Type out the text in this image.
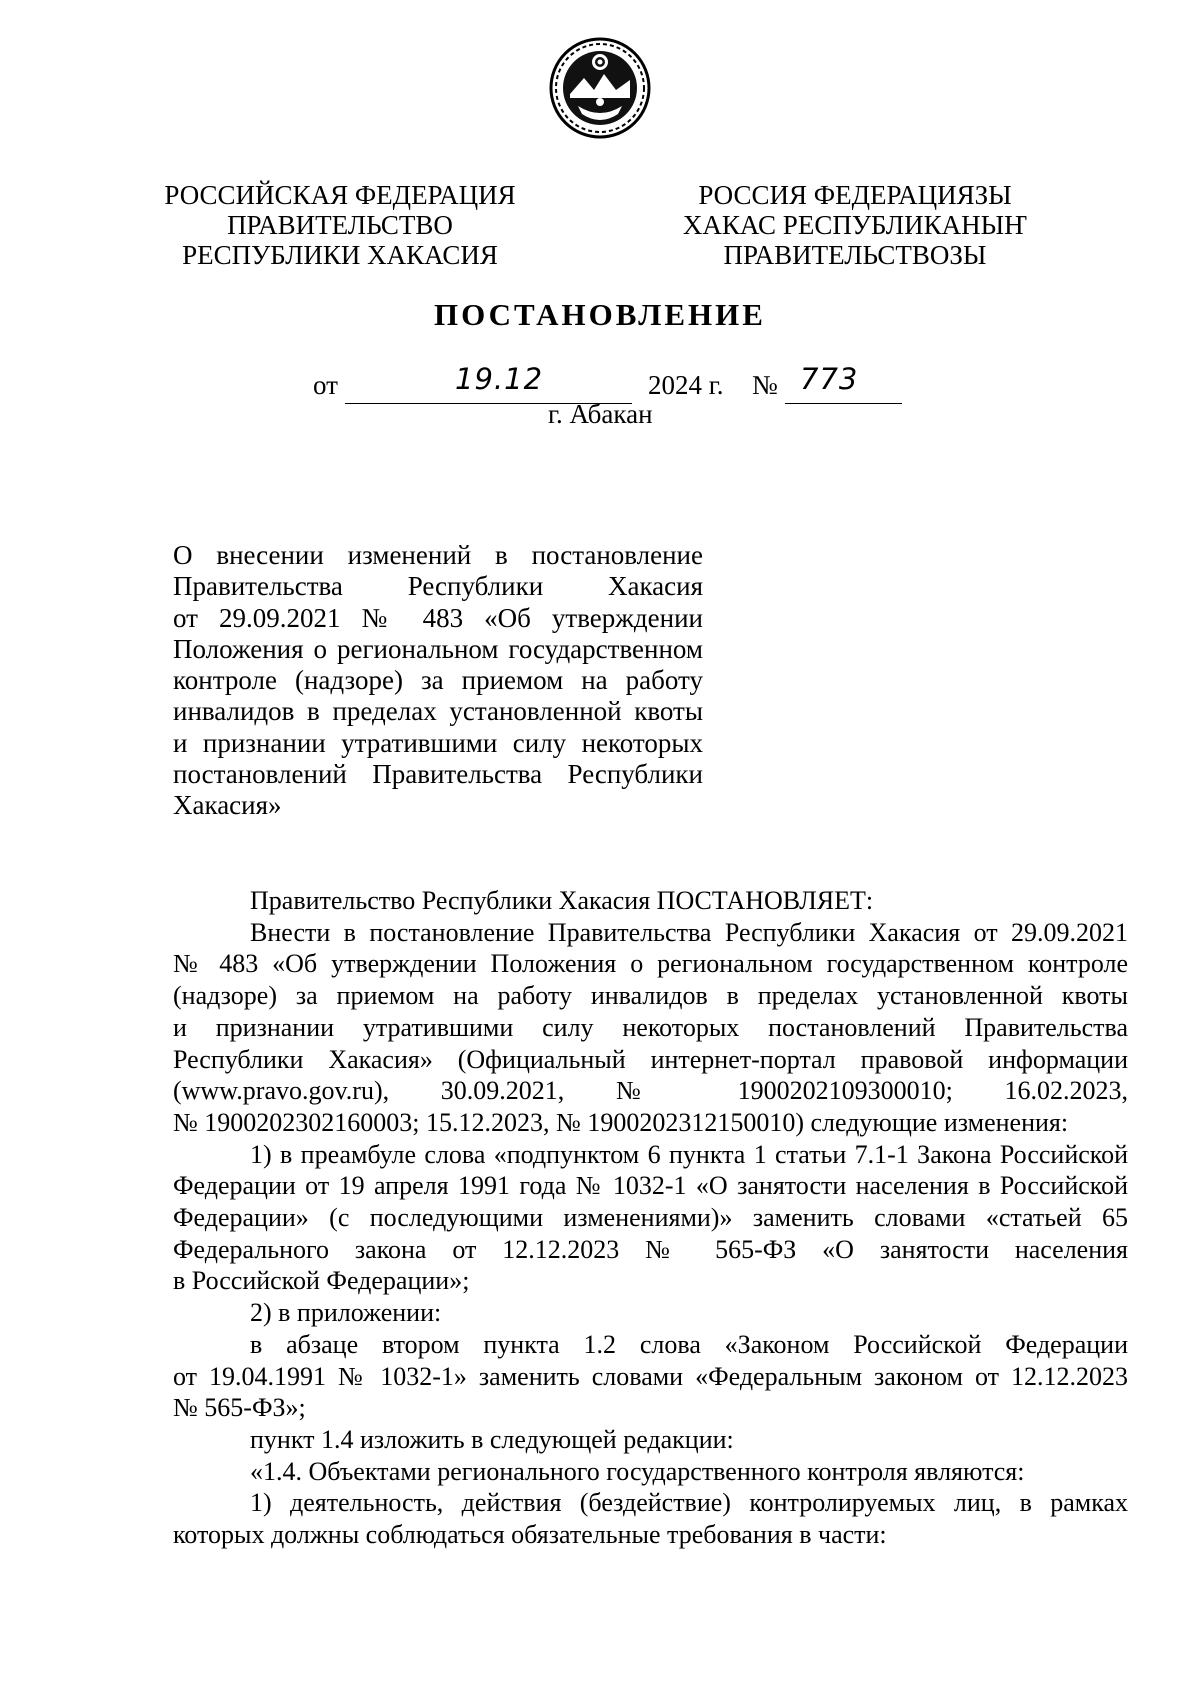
РОССИЙСКАЯ ФЕДЕРАЦИЯ
ПРАВИТЕЛЬСТВО
РЕСПУБЛИКИ ХАКАСИЯ
РОССИЯ ФЕДЕРАЦИЯЗЫ
ХАКАС РЕСПУБЛИКАНЫҤ
ПРАВИТЕЛЬСТВОЗЫ
ПОСТАНОВЛЕНИЕ
от	19.12	2024 г. № 773
г. Абакан
О внесении изменений в постановление
Правительства Республики Хакасия
от 29.09.2021 № 483 «Об утверждении
Положения о региональном государственном
контроле (надзоре) за приемом на работу
инвалидов в пределах установленной квоты
и признании утратившими силу некоторых
постановлений Правительства Республики
Хакасия»
Правительство Республики Хакасия ПОСТАНОВЛЯЕТ:
Внести в постановление Правительства Республики Хакасия от 29.09.2021
№ 483 «Об утверждении Положения о региональном государственном контроле
(надзоре) за приемом на работу инвалидов в пределах установленной квоты
и признании утратившими силу некоторых постановлений Правительства
Республики Хакасия» (Официальный интернет-портал правовой информации
(www.pravo.gov.ru), 30.09.2021, № 1900202109300010; 16.02.2023,
№ 1900202302160003; 15.12.2023, № 1900202312150010) следующие изменения:
1) в преамбуле слова «подпунктом 6 пункта 1 статьи 7.1-1 Закона Российской
Федерации от 19 апреля 1991 года № 1032-1 «О занятости населения в Российской
Федерации» (с последующими изменениями)» заменить словами «статьей 65
Федерального закона от 12.12.2023 № 565-ФЗ «О занятости населения
в Российской Федерации»;
2) в приложении:
в абзаце втором пункта 1.2 слова «Законом Российской Федерации
от 19.04.1991 № 1032-1» заменить словами «Федеральным законом от 12.12.2023
№ 565-ФЗ»;
пункт 1.4 изложить в следующей редакции:
«1.4. Объектами регионального государственного контроля являются:
1) деятельность, действия (бездействие) контролируемых лиц, в рамках
которых должны соблюдаться обязательные требования в части:
